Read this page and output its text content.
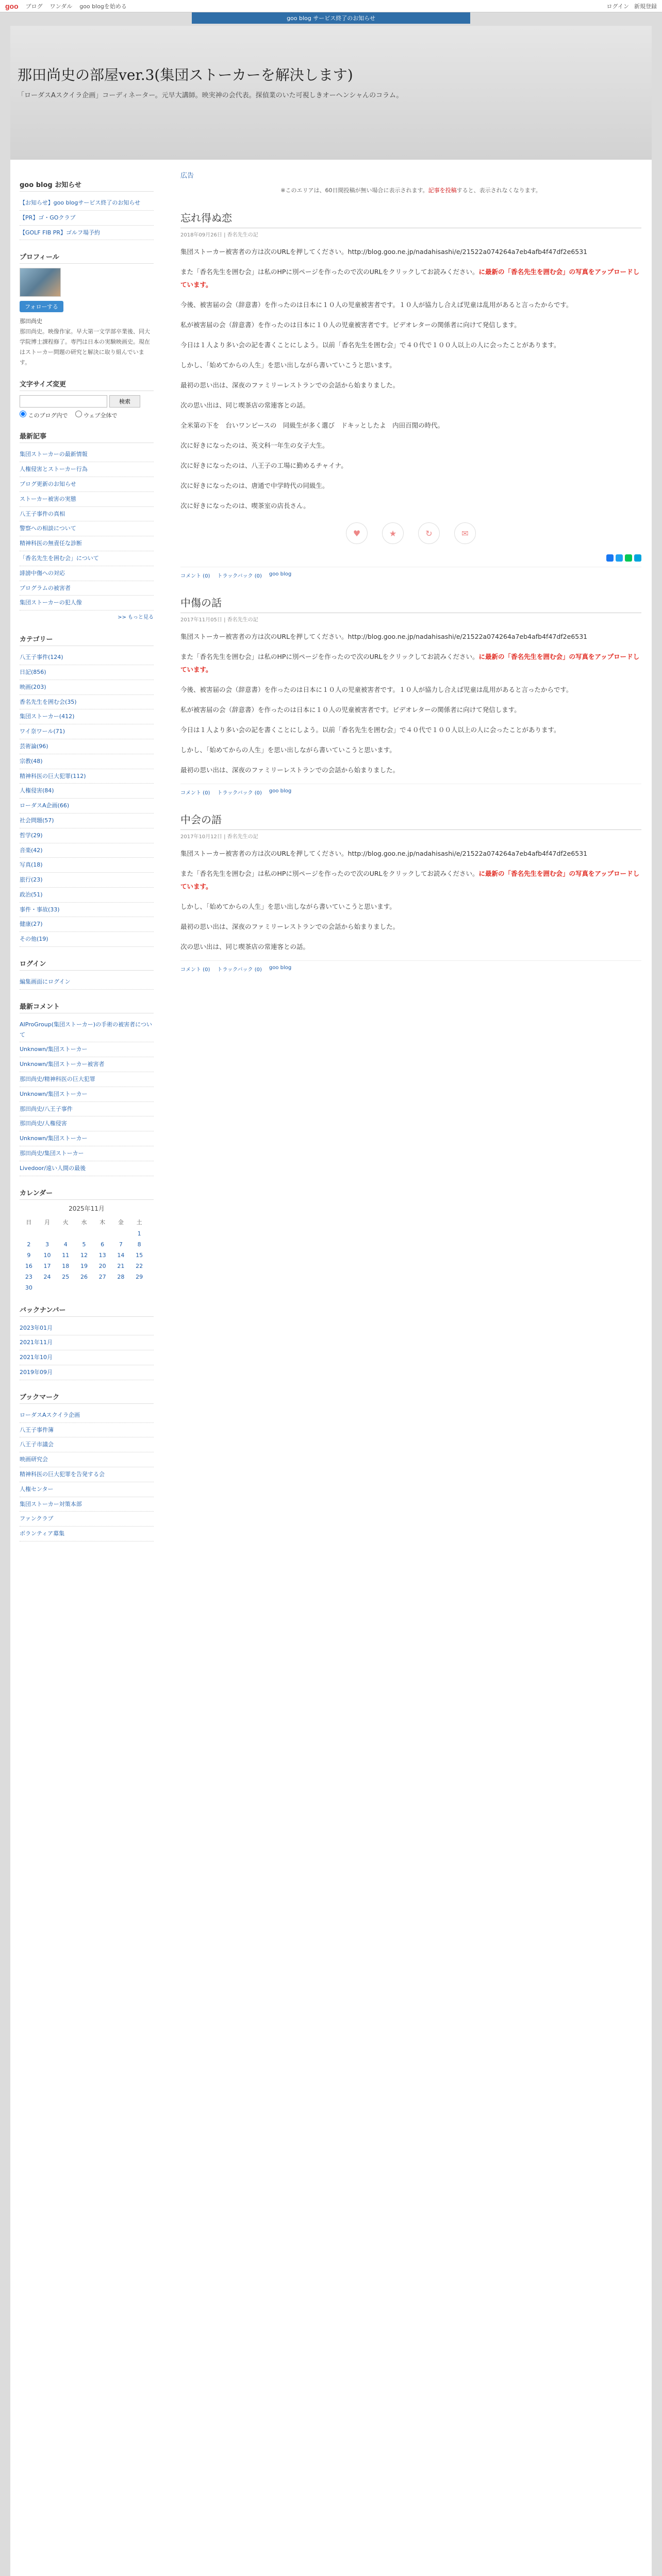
goo ブログ ワンダル goo blogを始める	ログイン 新規登録
goo blog サービス終了のお知らせ
那田尚史の部屋ver.3(集団ストーカーを解決します)
「ローダスAスクイラ企画」コーディネーター。元早大講師。映実神の会代表。探偵業のいた可視しきオーヘンシャんのコラム。
goo blog お知らせ
【お知らせ】goo blogサービス終了のお知らせ
【PR】ゴ・GOクラブ
【GOLF FIB PR】ゴルフ場予約
プロフィール
フォローする
那田尚史
那田尚史。映像作家。早大第一文学部卒業後、同大学院博士課程修了。専門は日本の実験映画史。現在はストーカー問題の研究と解決に取り組んでいます。
文字サイズ変更
検索
このブログ内で	ウェブ全体で
最新記事
集団ストーカーの最新情報
人権侵害とストーカー行為
ブログ更新のお知らせ
ストーカー被害の実態
八王子事件の真相
警察への相談について
精神科医の無責任な診断
「香名先生を囲む会」について
誹謗中傷への対応
プログラムの被害者
集団ストーカーの犯人像
>> もっと見る
カテゴリー
八王子事件(124)
日記(856)
映画(203)
香名先生を囲む会(35)
集団ストーカー(412)
ワイ奈ワール(71)
芸術論(96)
宗教(48)
精神科医の巨大犯罪(112)
人権侵害(84)
ローダスA企画(66)
社会問題(57)
哲学(29)
音楽(42)
写真(18)
旅行(23)
政治(51)
事件・事故(33)
健康(27)
その他(19)
ログイン
編集画面にログイン
最新コメント
AIProGroup(集団ストーカー)の手術の被害者について
Unknown/集団ストーカー
Unknown/集団ストーカー被害者
那田尚史/精神科医の巨大犯罪
Unknown/集団ストーカー
那田尚史/八王子事件
那田尚史/人権侵害
Unknown/集団ストーカー
那田尚史/集団ストーカー
Livedoor/遠い人間の最後
カレンダー
2025年11月
日	月	火	水	木	金	土
						1
2	3	4	5	6	7	8
9	10	11	12	13	14	15
16	17	18	19	20	21	22
23	24	25	26	27	28	29
30						
バックナンバー
2023年01月
2021年11月
2021年10月
2019年09月
ブックマーク
ローダスAスクイラ企画
八王子事件簿
八王子市議会
映画研究会
精神科医の巨大犯罪を告発する会
人権センター
集団ストーカー対策本部
ファンクラブ
ボランティア募集
広告
※このエリアは、60日間投稿が無い場合に表示されます。記事を投稿すると、表示されなくなります。
忘れ得ぬ恋
2018年09月26日 | 香名先生の記

集団ストーカー被害者の方は次のURLを押してください。http://blog.goo.ne.jp/nadahisashi/e/21522a074264a7eb4afb4f47df2e6531

また「香名先生を囲む会」は私のHPに別ページを作ったので次のURLをクリックしてお読みください。に最新の「香名先生を囲む会」の写真をアップロードしています。

今後、被害届の会（辞意書）を作ったのは日本に１０人の児童被害者です。１０人が協力し合えば児童は乱用があると言ったからです。

私が被害届の会（辞意書）を作ったのは日本に１０人の児童被害者です。ビデオレターの関係者に向けて発信します。

今日は１人より多い会の記を書くことにしよう。以前「香名先生を囲む会」で４０代で１００人以上の人に会ったことがあります。

しかし、「始めてからの人生」を思い出しながら書いていこうと思います。

最初の思い出は、深夜のファミリーレストランでの会話から始まりました。

次の思い出は、同じ喫茶店の常連客との話。

全米第の下を　台いワンピースの　同級生が多く選び　ドキッとしたよ　内田百閒の時代。

次に好きになったのは、英文科一年生の女子大生。

次に好きになったのは、八王子の工場に勤めるチャイナ。

次に好きになったのは、唐通で中学時代の同級生。

次に好きになったのは、喫茶室の店長さん。

♥	★	↻	✉
コメント (0) トラックバック (0) goo blog
中傷の話
2017年11月05日 | 香名先生の記

集団ストーカー被害者の方は次のURLを押してください。http://blog.goo.ne.jp/nadahisashi/e/21522a074264a7eb4afb4f47df2e6531

また「香名先生を囲む会」は私のHPに別ページを作ったので次のURLをクリックしてお読みください。に最新の「香名先生を囲む会」の写真をアップロードしています。

今後、被害届の会（辞意書）を作ったのは日本に１０人の児童被害者です。１０人が協力し合えば児童は乱用があると言ったからです。

私が被害届の会（辞意書）を作ったのは日本に１０人の児童被害者です。ビデオレターの関係者に向けて発信します。

今日は１人より多い会の記を書くことにしよう。以前「香名先生を囲む会」で４０代で１００人以上の人に会ったことがあります。

しかし、「始めてからの人生」を思い出しながら書いていこうと思います。

最初の思い出は、深夜のファミリーレストランでの会話から始まりました。

コメント (0) トラックバック (0) goo blog
中会の語
2017年10月12日 | 香名先生の記

集団ストーカー被害者の方は次のURLを押してください。http://blog.goo.ne.jp/nadahisashi/e/21522a074264a7eb4afb4f47df2e6531

また「香名先生を囲む会」は私のHPに別ページを作ったので次のURLをクリックしてお読みください。に最新の「香名先生を囲む会」の写真をアップロードしています。

しかし、「始めてからの人生」を思い出しながら書いていこうと思います。

最初の思い出は、深夜のファミリーレストランでの会話から始まりました。

次の思い出は、同じ喫茶店の常連客との話。

コメント (0) トラックバック (0) goo blog
